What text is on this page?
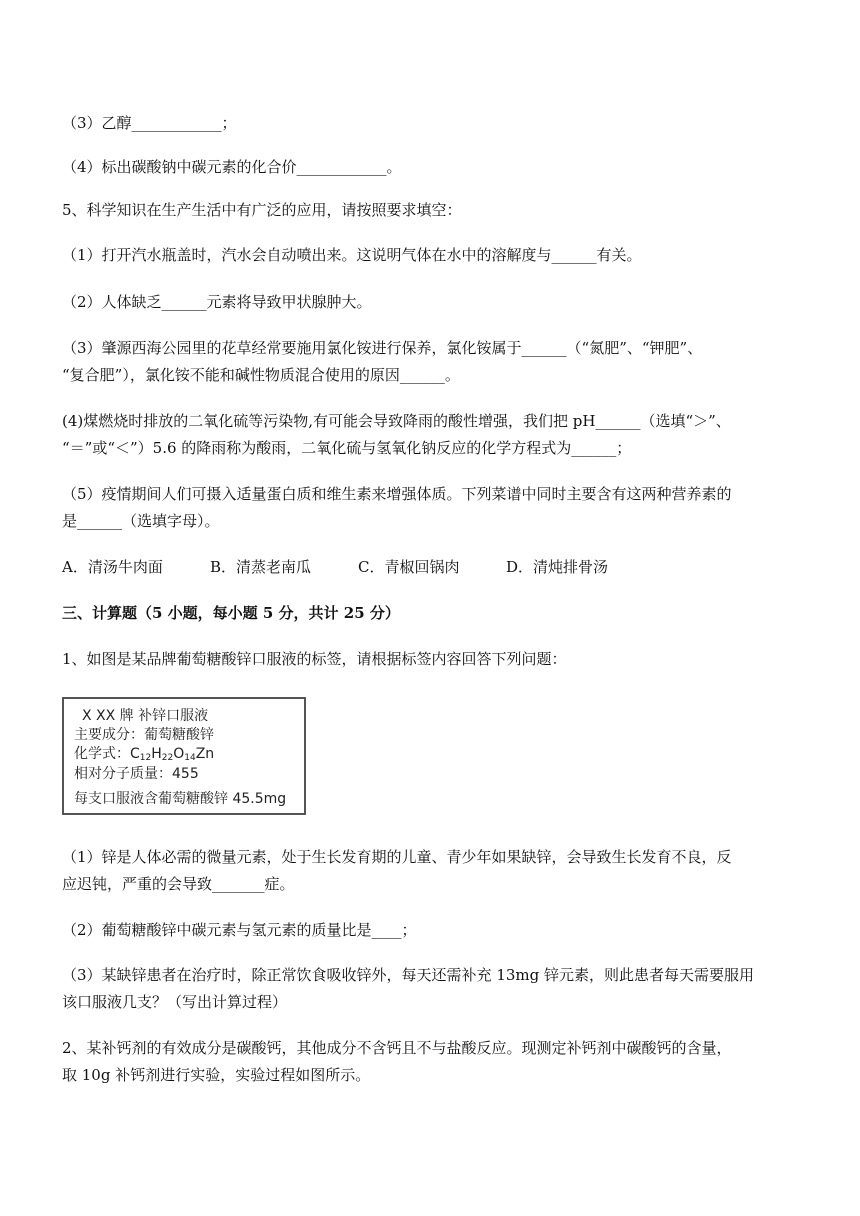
（3）乙醇____________；
（4）标出碳酸钠中碳元素的化合价____________。
5、科学知识在生产生活中有广泛的应用，请按照要求填空：
（1）打开汽水瓶盖时，汽水会自动喷出来。这说明气体在水中的溶解度与______有关。
（2）人体缺乏______元素将导致甲状腺肿大。
（3）肇源西海公园里的花草经常要施用氯化铵进行保养，氯化铵属于______（“氮肥”、“钾肥”、
“复合肥”），氯化铵不能和碱性物质混合使用的原因______。
(4)煤燃烧时排放的二氧化硫等污染物,有可能会导致降雨的酸性增强，我们把 pH______（选填“＞”、
“＝”或“＜”）5.6 的降雨称为酸雨，二氧化硫与氢氧化钠反应的化学方程式为______；
（5）疫情期间人们可摄入适量蛋白质和维生素来增强体质。下列菜谱中同时主要含有这两种营养素的
是______（选填字母）。
A．清汤牛肉面	B．清蒸老南瓜	C．青椒回锅肉	D．清炖排骨汤
三、计算题（5 小题，每小题 5 分，共计 25 分）
1、如图是某品牌葡萄糖酸锌口服液的标签，请根据标签内容回答下列问题：
X XX 牌 补锌口服液
主要成分：葡萄糖酸锌
化学式：$C_{12}H_{22}O_{14}Zn$
相对分子质量：455
每支口服液含葡萄糖酸锌 45.5mg
（1）锌是人体必需的微量元素，处于生长发育期的儿童、青少年如果缺锌，会导致生长发育不良，反
应迟钝，严重的会导致_______症。
（2）葡萄糖酸锌中碳元素与氢元素的质量比是____；
（3）某缺锌患者在治疗时，除正常饮食吸收锌外，每天还需补充 13mg 锌元素，则此患者每天需要服用
该口服液几支？（写出计算过程）
2、某补钙剂的有效成分是碳酸钙，其他成分不含钙且不与盐酸反应。现测定补钙剂中碳酸钙的含量，
取 10g 补钙剂进行实验，实验过程如图所示。
